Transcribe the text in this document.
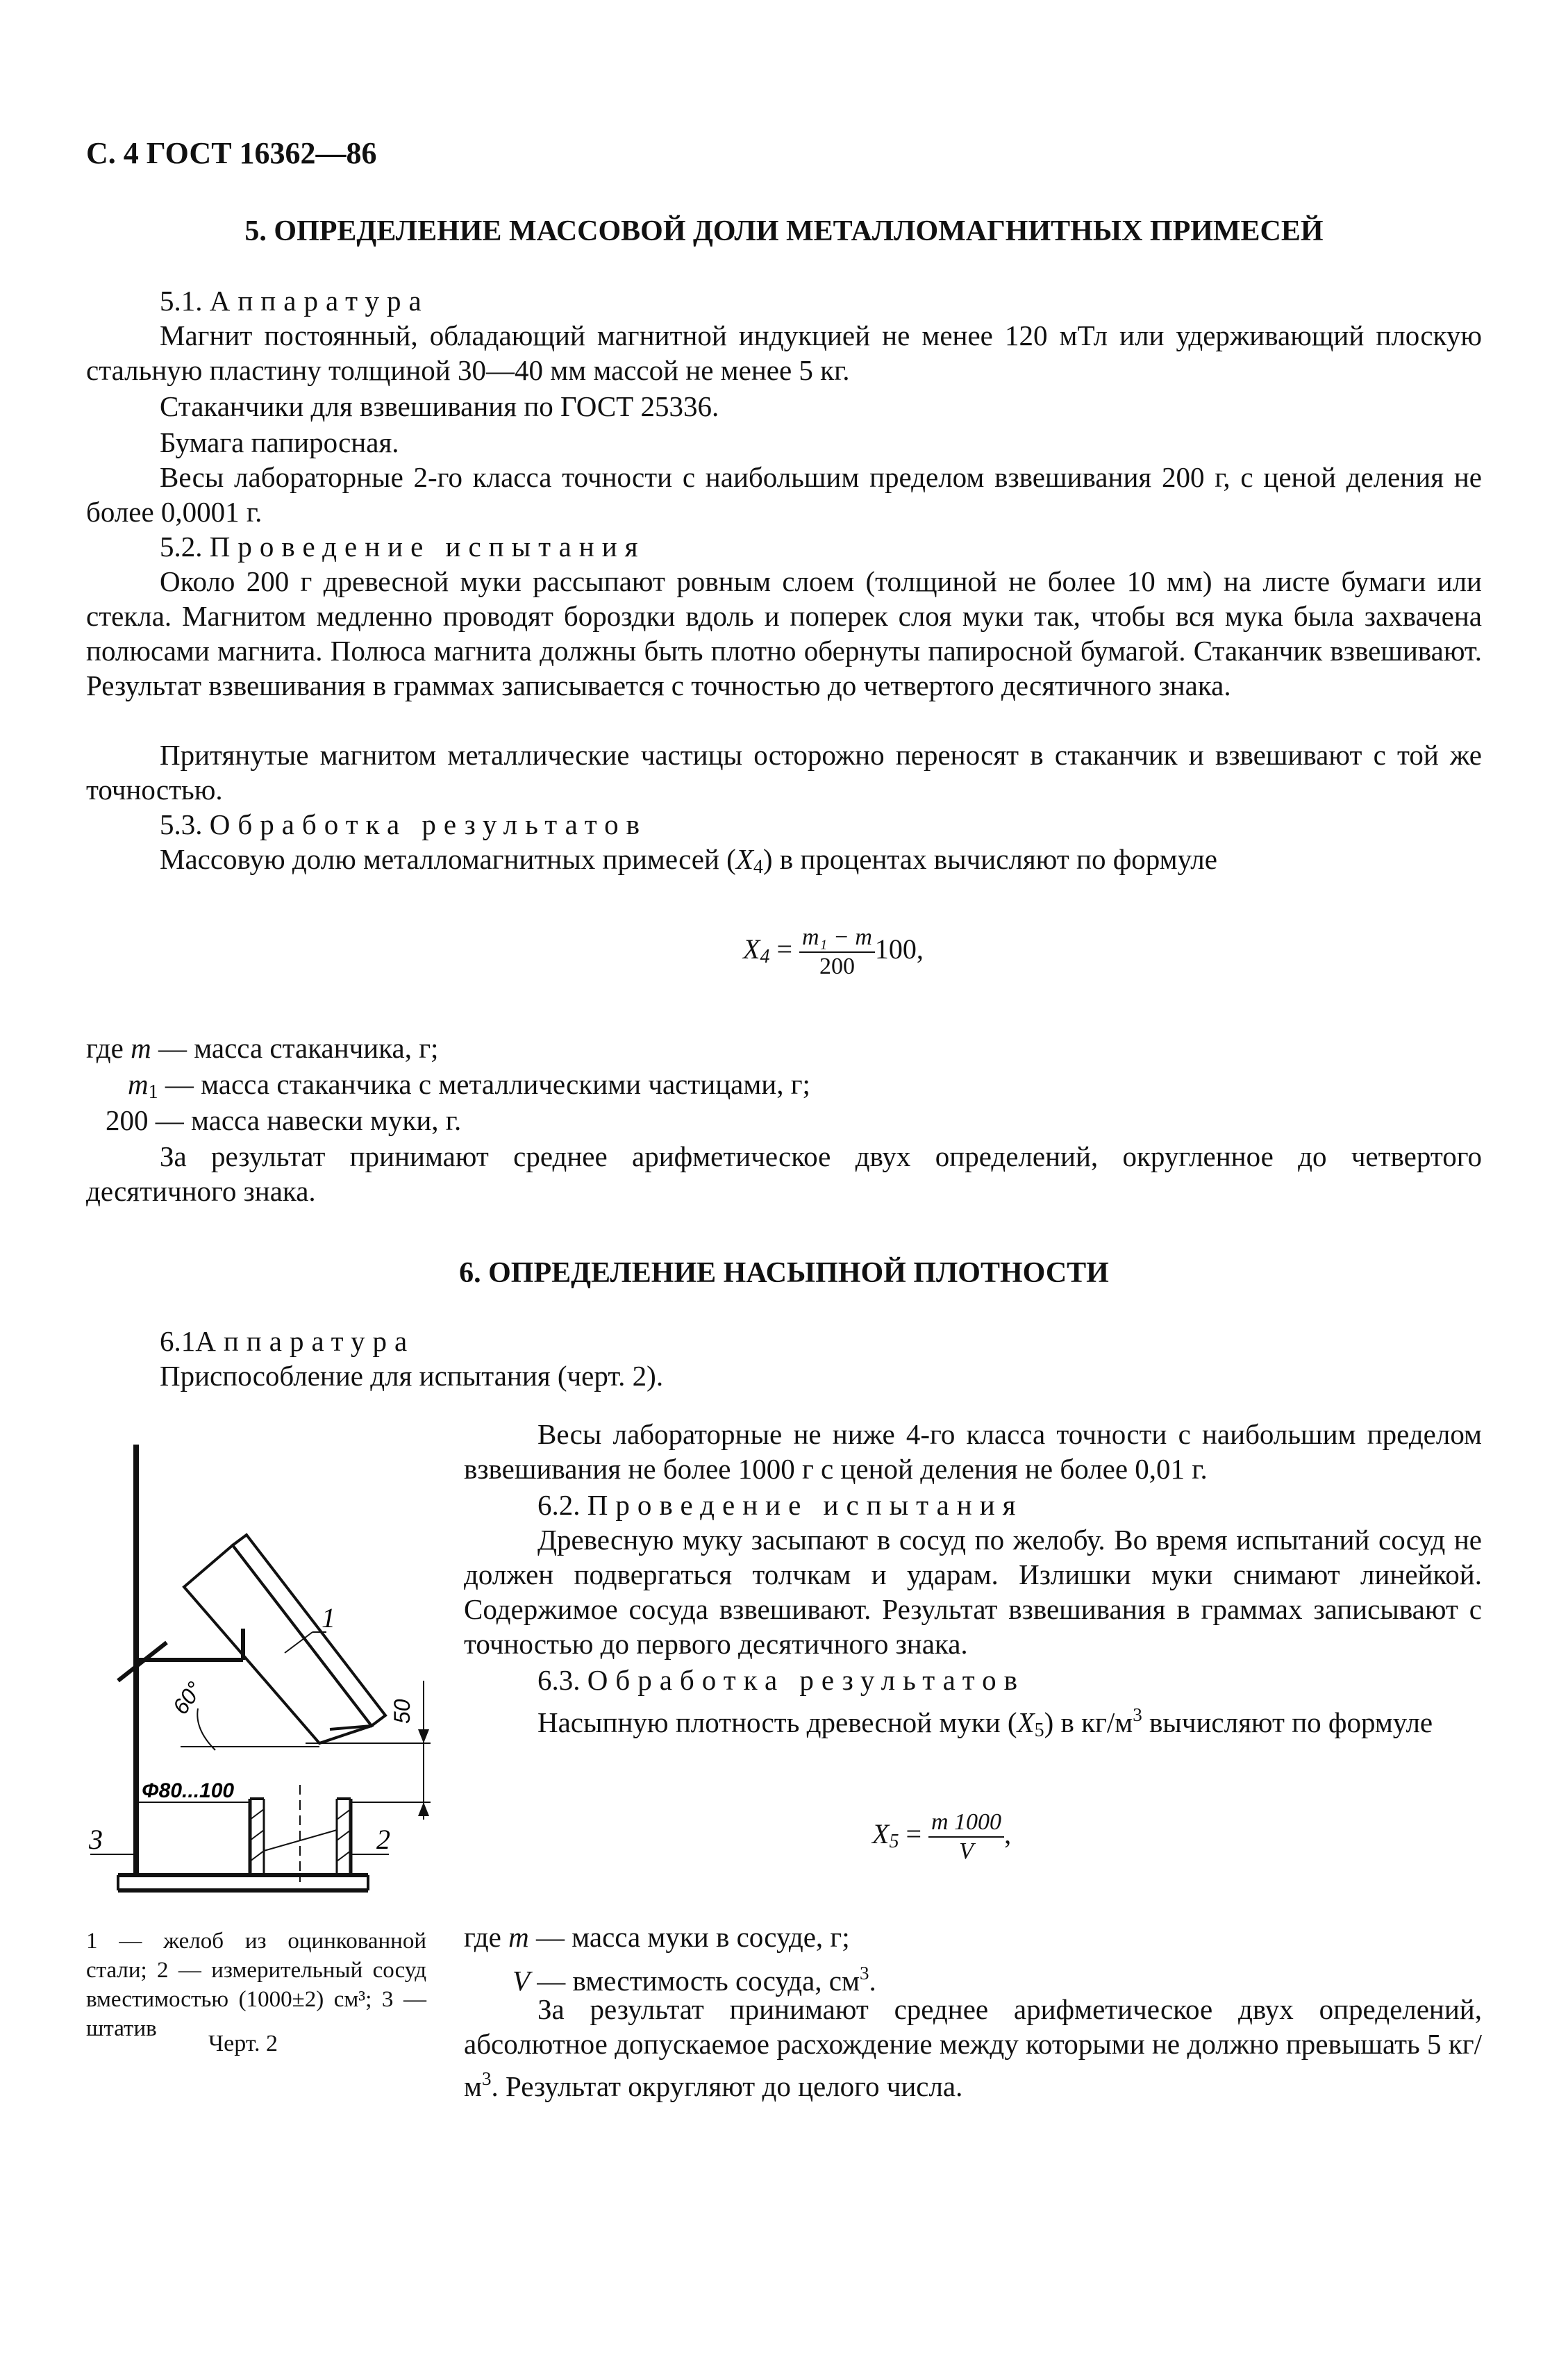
С. 4 ГОСТ 16362—86
5. ОПРЕДЕЛЕНИЕ МАССОВОЙ ДОЛИ МЕТАЛЛОМАГНИТНЫХ ПРИМЕСЕЙ
5.1. Аппаратура
Магнит постоянный, обладающий магнитной индукцией не менее 120 мТл или удерживающий плоскую стальную пластину толщиной 30—40 мм массой не менее 5 кг.
Стаканчики для взвешивания по ГОСТ 25336.
Бумага папиросная.
Весы лабораторные 2-го класса точности с наибольшим пределом взвешивания 200 г, с ценой деления не более 0,0001 г.
5.2. Проведение испытания
Около 200 г древесной муки рассыпают ровным слоем (толщиной не более 10 мм) на листе бумаги или стекла. Магнитом медленно проводят бороздки вдоль и поперек слоя муки так, чтобы вся мука была захвачена полюсами магнита. Полюса магнита должны быть плотно обернуты папиросной бумагой. Стаканчик взвешивают. Результат взвешивания в граммах записывается с точностью до четвертого десятичного знака.
Притянутые магнитом металлические частицы осторожно переносят в стаканчик и взвешивают с той же точностью.
5.3. Обработка результатов
Массовую долю металломагнитных примесей $(X_4)$ в процентах вычисляют по формуле
$X_4 = \frac{\text{m₁ − m}}{200} 100$,
где m — масса стаканчика, г;
$m_1$ — масса стаканчика с металлическими частицами, г;
200 — масса навески муки, г.
За результат принимают среднее арифметическое двух определений, округленное до четвертого десятичного знака.
6. ОПРЕДЕЛЕНИЕ НАСЫПНОЙ ПЛОТНОСТИ
6.1Аппаратура
Приспособление для испытания (черт. 2).
Весы лабораторные не ниже 4-го класса точности с наибольшим пределом взвешивания не более 1000 г с ценой деления не более 0,01 г.
6.2. Проведение испытания
Древесную муку засыпают в сосуд по желобу. Во время испытаний сосуд не должен подвергаться толчкам и ударам. Излишки муки снимают линейкой. Содержимое сосуда взвешивают. Результат взвешивания в граммах записывают с точностью до первого десятичного знака.
6.3. Обработка результатов
Насыпную плотность древесной муки $(X_5)$ в $кг/м^3$ вычисляют по формуле
$X_5 = \frac{m 1000}{V}$ ,
где m — масса муки в сосуде, г;
V — вместимость сосуда, $см^3$.
За результат принимают среднее арифметическое двух определений, абсолютное допускаемое расхождение между которыми не должно превышать 5 $кг/м^3$. Результат округляют до целого числа.
1
3	2
60°	50
Φ80...100
1 — желоб из оцинкованной стали; 2 — измерительный сосуд вместимостью (1000±2) см³; 3 — штатив
Черт. 2
